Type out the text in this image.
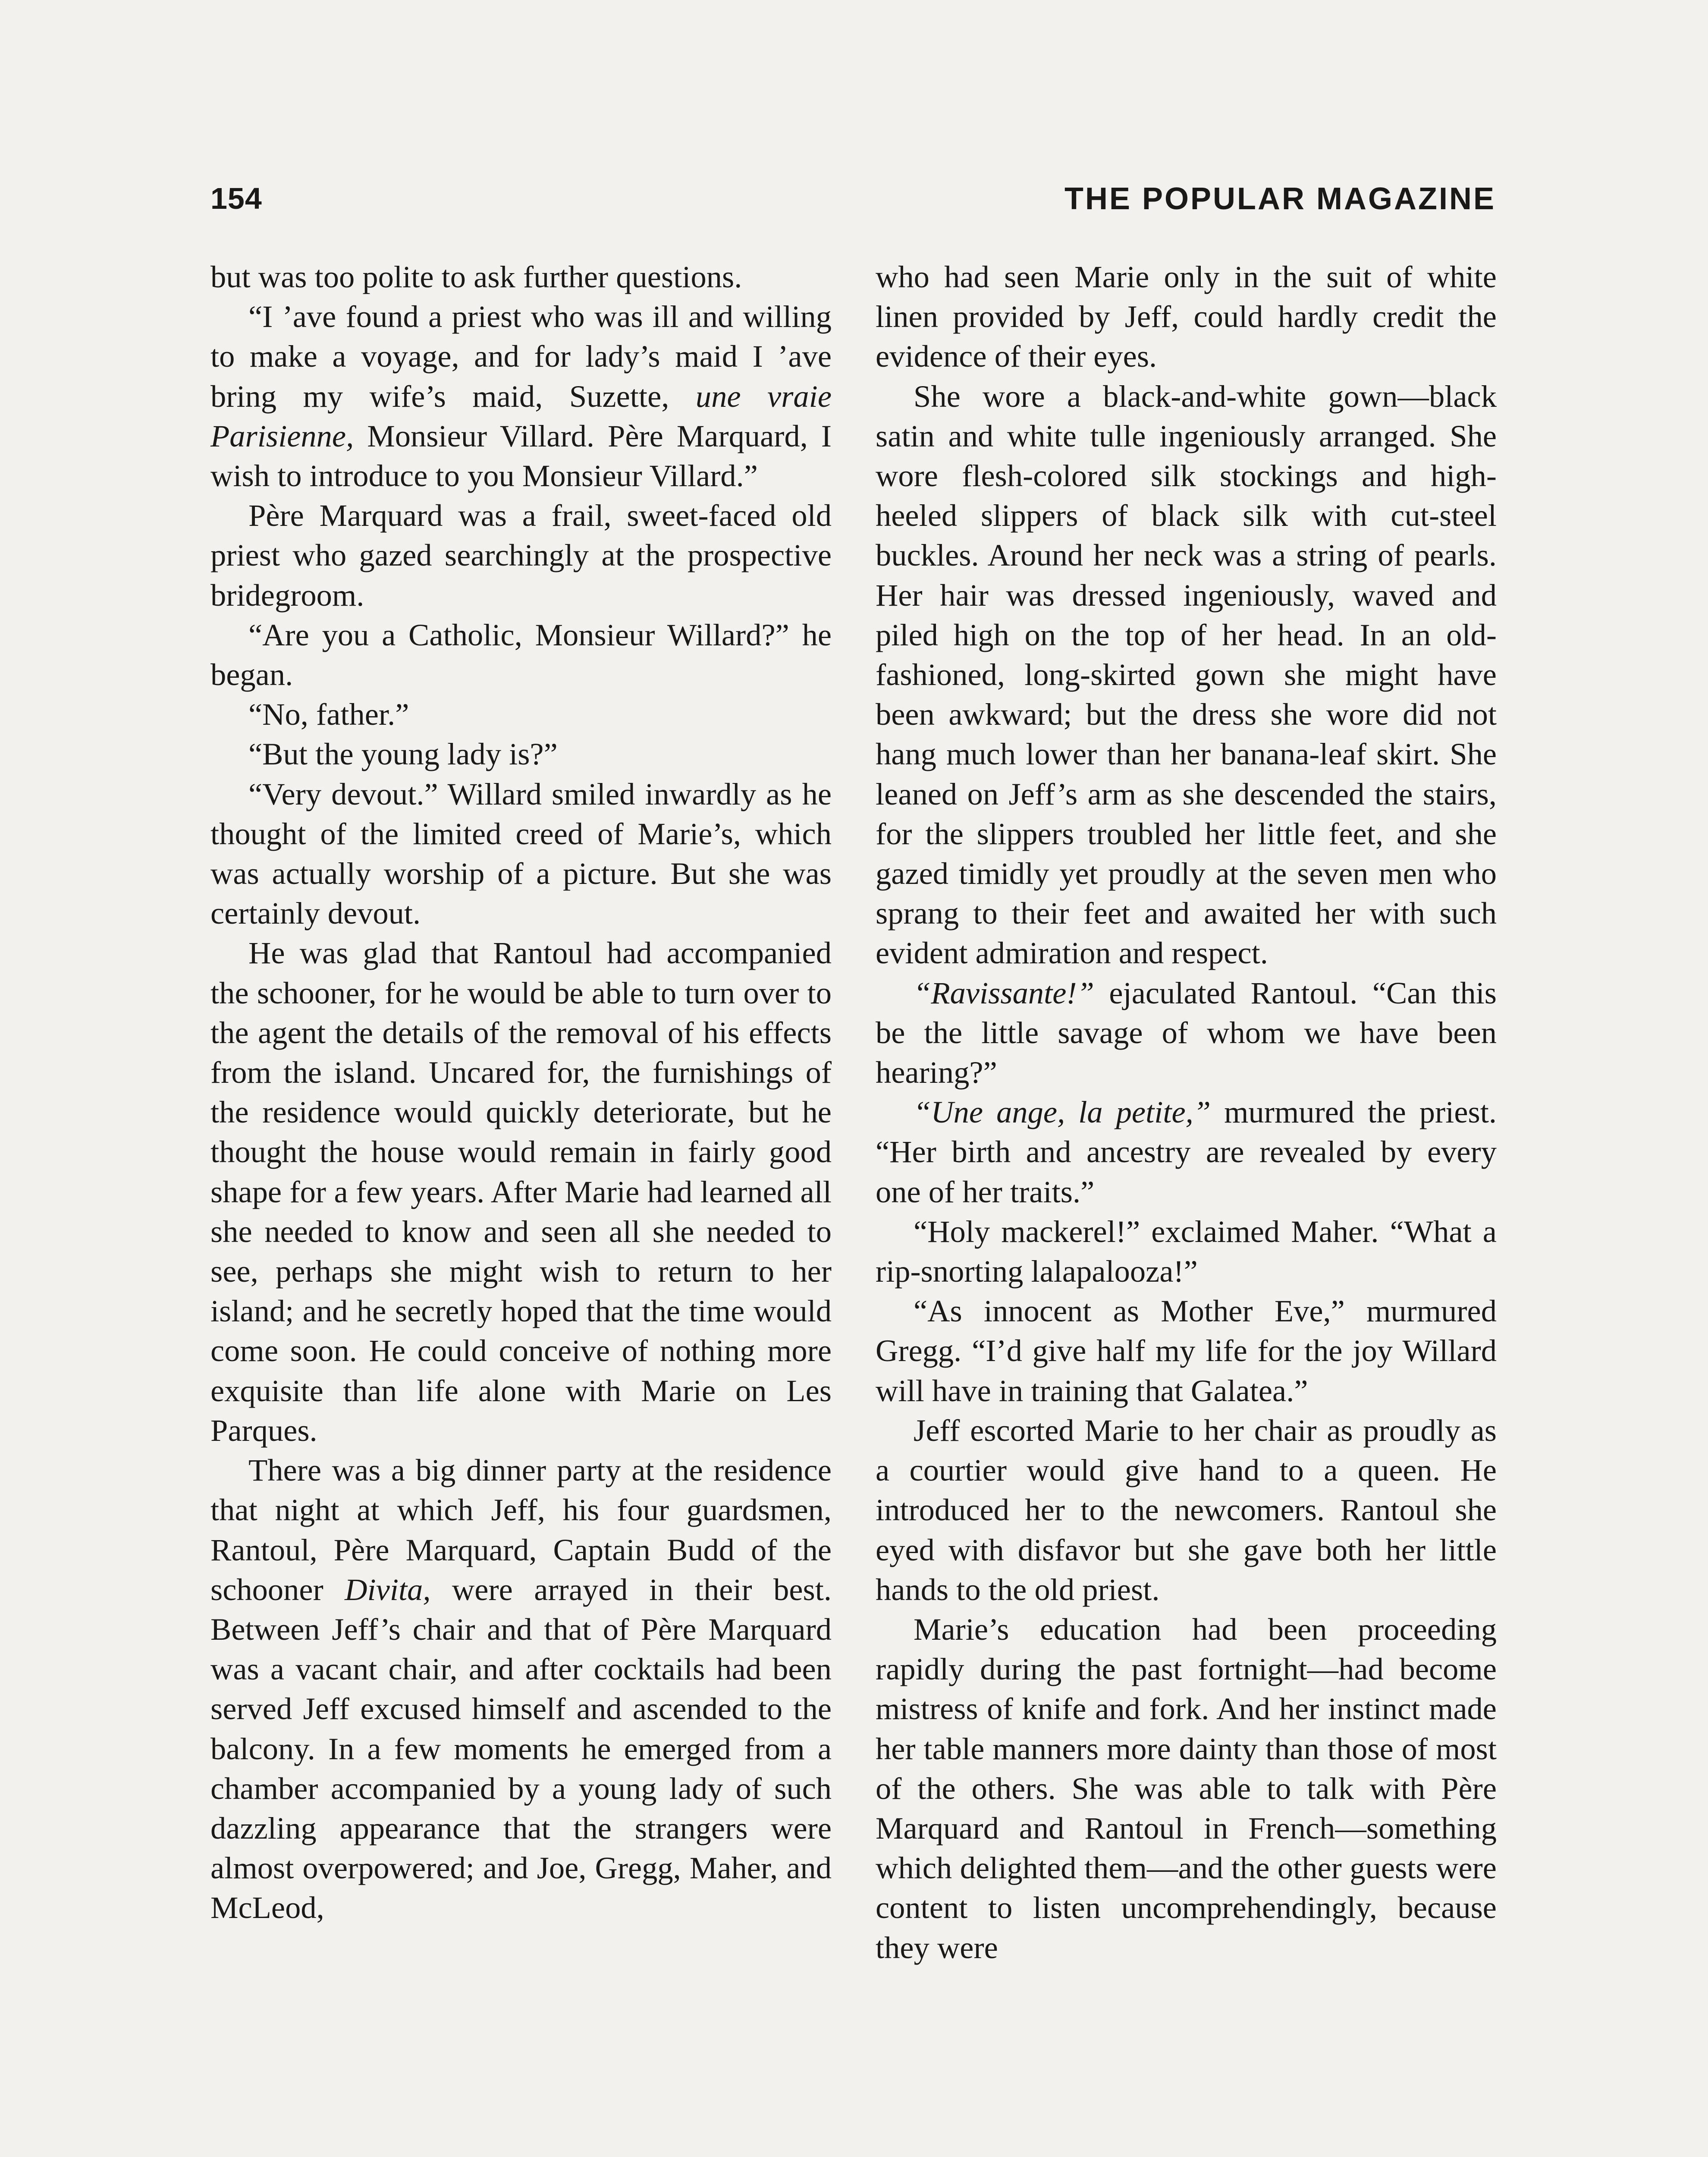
154	THE POPULAR MAGAZINE

but was too polite to ask further questions.

“I ’ave found a priest who was ill and willing to make a voyage, and for lady’s maid I ’ave bring my wife’s maid, Suzette, une vraie Parisienne, Monsieur Villard. Père Marquard, I wish to introduce to you Monsieur Villard.”

Père Marquard was a frail, sweet-faced old priest who gazed searchingly at the prospective bridegroom.

“Are you a Catholic, Monsieur Willard?” he began.

“No, father.”

“But the young lady is?”

“Very devout.” Willard smiled inwardly as he thought of the limited creed of Marie’s, which was actually worship of a picture. But she was certainly devout.

He was glad that Rantoul had accompanied the schooner, for he would be able to turn over to the agent the details of the removal of his effects from the island. Uncared for, the furnishings of the residence would quickly deteriorate, but he thought the house would remain in fairly good shape for a few years. After Marie had learned all she needed to know and seen all she needed to see, perhaps she might wish to return to her island; and he secretly hoped that the time would come soon. He could conceive of nothing more exquisite than life alone with Marie on Les Parques.

There was a big dinner party at the residence that night at which Jeff, his four guardsmen, Rantoul, Père Marquard, Captain Budd of the schooner Divita, were arrayed in their best. Between Jeff’s chair and that of Père Marquard was a vacant chair, and after cocktails had been served Jeff excused himself and ascended to the balcony. In a few moments he emerged from a chamber accompanied by a young lady of such dazzling appearance that the strangers were almost overpowered; and Joe, Gregg, Maher, and McLeod,

who had seen Marie only in the suit of white linen provided by Jeff, could hardly credit the evidence of their eyes.

She wore a black-and-white gown—black satin and white tulle ingeniously arranged. She wore flesh-colored silk stockings and high-heeled slippers of black silk with cut-steel buckles. Around her neck was a string of pearls. Her hair was dressed ingeniously, waved and piled high on the top of her head. In an old-fashioned, long-skirted gown she might have been awkward; but the dress she wore did not hang much lower than her banana-leaf skirt. She leaned on Jeff’s arm as she descended the stairs, for the slippers troubled her little feet, and she gazed timidly yet proudly at the seven men who sprang to their feet and awaited her with such evident admiration and respect.

“Ravissante!” ejaculated Rantoul. “Can this be the little savage of whom we have been hearing?”

“Une ange, la petite,” murmured the priest. “Her birth and ancestry are revealed by every one of her traits.”

“Holy mackerel!” exclaimed Maher. “What a rip-snorting lalapalooza!”

“As innocent as Mother Eve,” murmured Gregg. “I’d give half my life for the joy Willard will have in training that Galatea.”

Jeff escorted Marie to her chair as proudly as a courtier would give hand to a queen. He introduced her to the newcomers. Rantoul she eyed with disfavor but she gave both her little hands to the old priest.

Marie’s education had been proceeding rapidly during the past fortnight—had become mistress of knife and fork. And her instinct made her table manners more dainty than those of most of the others. She was able to talk with Père Marquard and Rantoul in French—something which delighted them—and the other guests were content to listen uncomprehendingly, because they were
